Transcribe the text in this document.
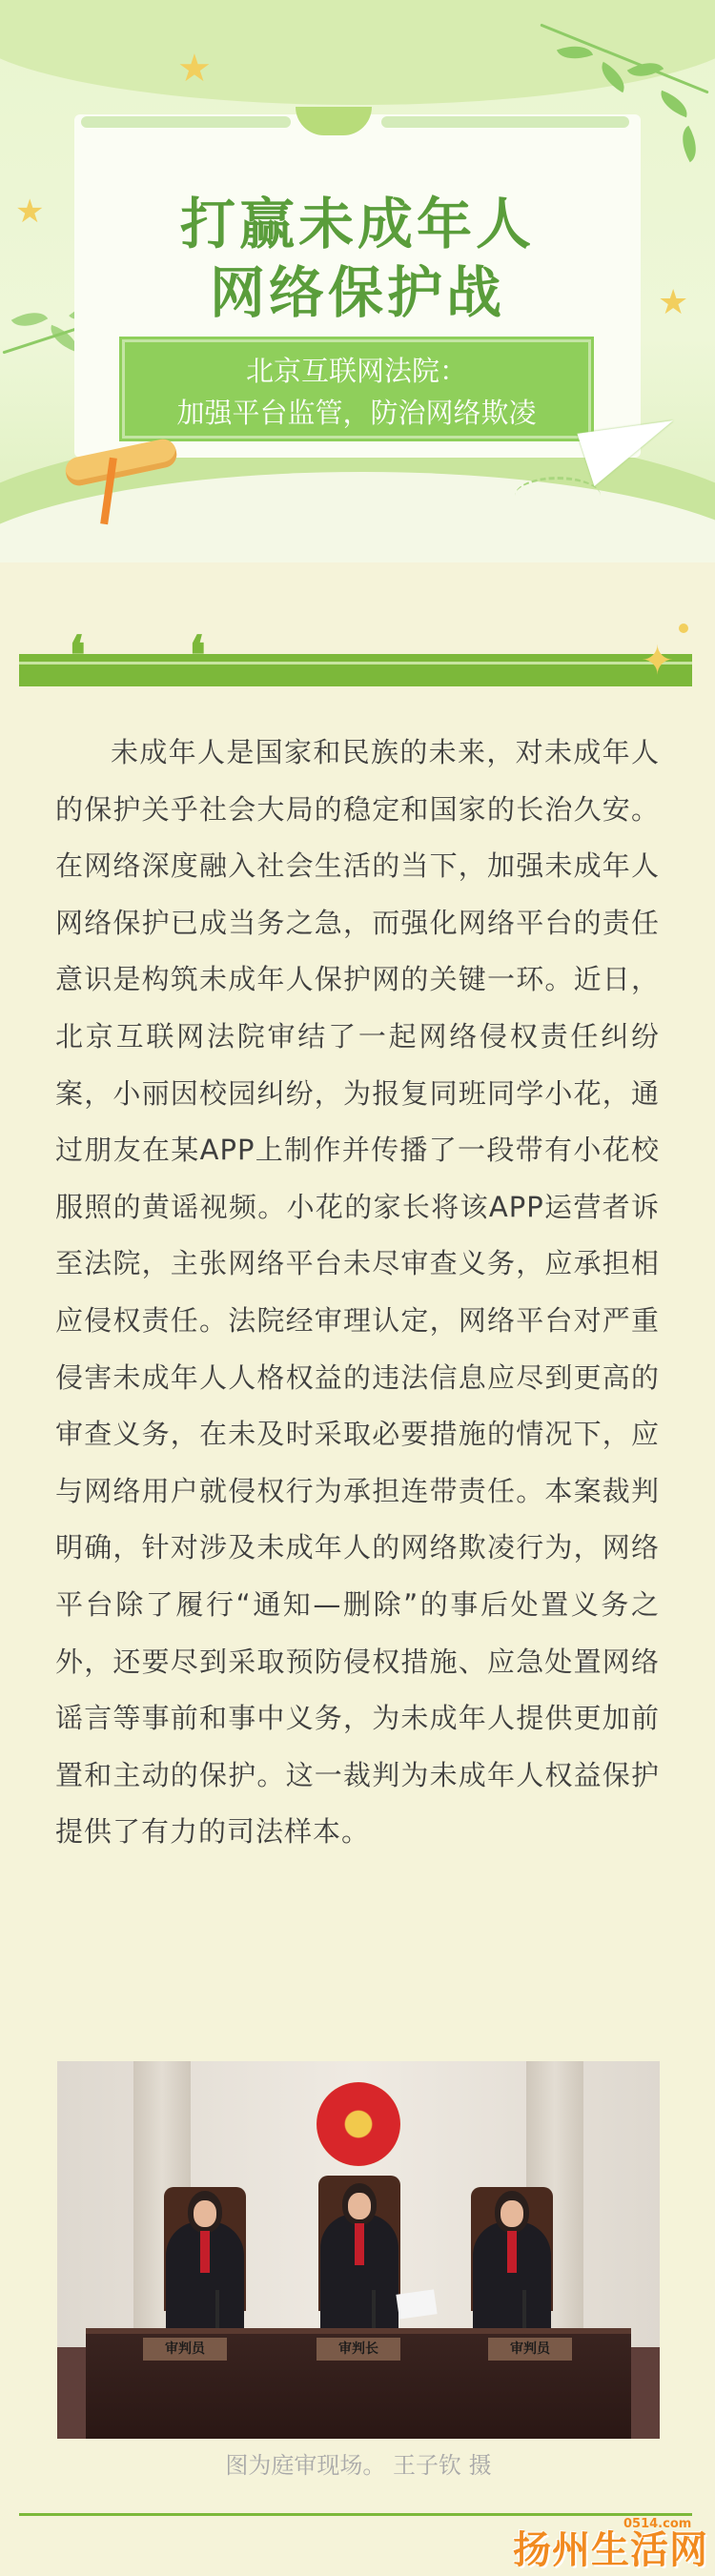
★
★
★
打赢未成年人
网络保护战
北京互联网法院：
加强平台监管，防治网络欺凌
❛ ❛	✦
未成年人是国家和民族的未来，对未成年人的保护关乎社会大局的稳定和国家的长治久安。在网络深度融入社会生活的当下，加强未成年人网络保护已成当务之急，而强化网络平台的责任意识是构筑未成年人保护网的关键一环。近日，北京互联网法院审结了一起网络侵权责任纠纷案，小丽因校园纠纷，为报复同班同学小花，通过朋友在某APP上制作并传播了一段带有小花校服照的黄谣视频。小花的家长将该APP运营者诉至法院，主张网络平台未尽审查义务，应承担相应侵权责任。法院经审理认定，网络平台对严重侵害未成年人人格权益的违法信息应尽到更高的审查义务，在未及时采取必要措施的情况下，应与网络用户就侵权行为承担连带责任。本案裁判明确，针对涉及未成年人的网络欺凌行为，网络平台除了履行“通知—删除”的事后处置义务之外，还要尽到采取预防侵权措施、应急处置网络谣言等事前和事中义务，为未成年人提供更加前置和主动的保护。这一裁判为未成年人权益保护提供了有力的司法样本。
审判员	审判长	审判员
图为庭审现场。 王子钦 摄
0514.com
扬州生活网
